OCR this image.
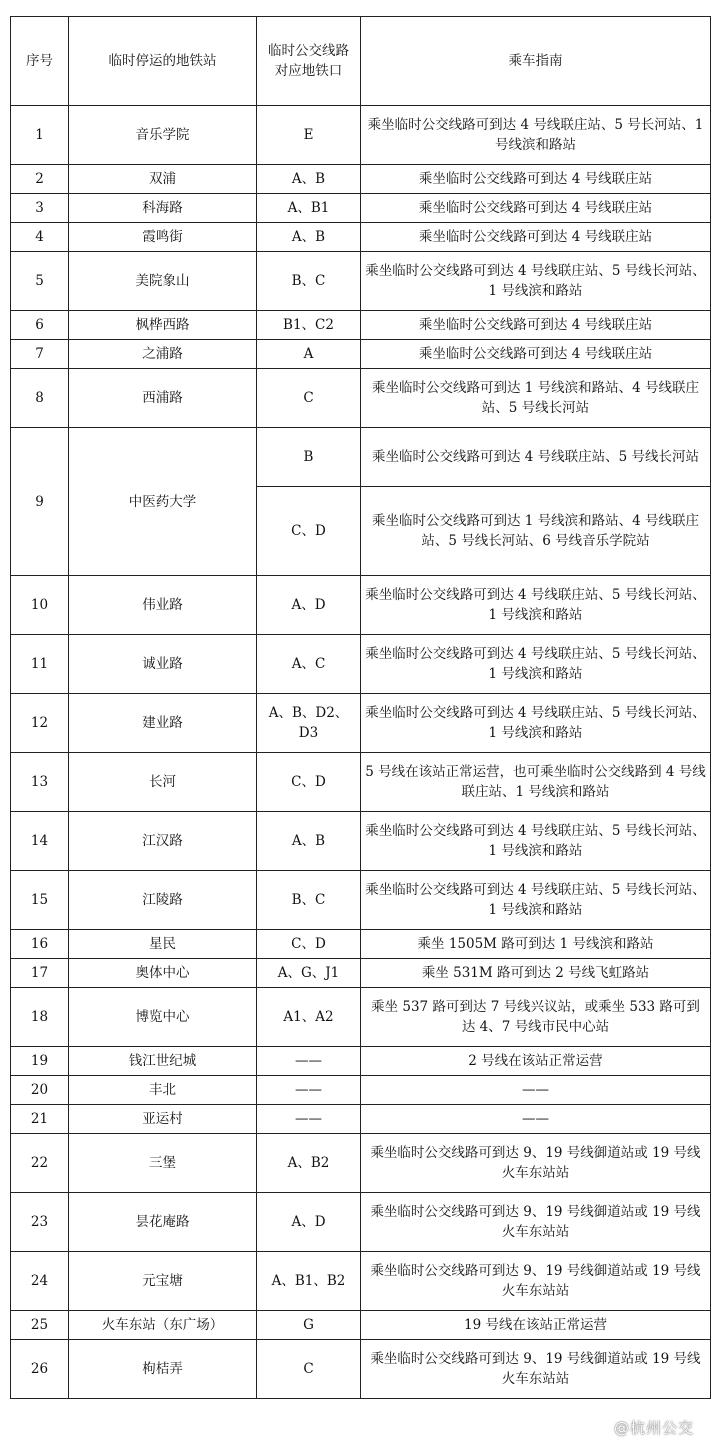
序号	临时停运的地铁站	临时公交线路对应地铁口	乘车指南
1	音乐学院	E	乘坐临时公交线路可到达 4 号线联庄站、5 号长河站、1 号线滨和路站
2	双浦	A、B	乘坐临时公交线路可到达 4 号线联庄站
3	科海路	A、B1	乘坐临时公交线路可到达 4 号线联庄站
4	霞鸣街	A、B	乘坐临时公交线路可到达 4 号线联庄站
5	美院象山	B、C	乘坐临时公交线路可到达 4 号线联庄站、5 号线长河站、1 号线滨和路站
6	枫桦西路	B1、C2	乘坐临时公交线路可到达 4 号线联庄站
7	之浦路	A	乘坐临时公交线路可到达 4 号线联庄站
8	西浦路	C	乘坐临时公交线路可到达 1 号线滨和路站、4 号线联庄站、5 号线长河站
9	中医药大学	B	乘坐临时公交线路可到达 4 号线联庄站、5 号线长河站
		C、D	乘坐临时公交线路可到达 1 号线滨和路站、4 号线联庄站、5 号线长河站、6 号线音乐学院站
10	伟业路	A、D	乘坐临时公交线路可到达 4 号线联庄站、5 号线长河站、1 号线滨和路站
11	诚业路	A、C	乘坐临时公交线路可到达 4 号线联庄站、5 号线长河站、1 号线滨和路站
12	建业路	A、B、D2、D3	乘坐临时公交线路可到达 4 号线联庄站、5 号线长河站、1 号线滨和路站
13	长河	C、D	5 号线在该站正常运营，也可乘坐临时公交线路到 4 号线联庄站、1 号线滨和路站
14	江汉路	A、B	乘坐临时公交线路可到达 4 号线联庄站、5 号线长河站、1 号线滨和路站
15	江陵路	B、C	乘坐临时公交线路可到达 4 号线联庄站、5 号线长河站、1 号线滨和路站
16	星民	C、D	乘坐 1505M 路可到达 1 号线滨和路站
17	奥体中心	A、G、J1	乘坐 531M 路可到达 2 号线飞虹路站
18	博览中心	A1、A2	乘坐 537 路可到达 7 号线兴议站，或乘坐 533 路可到达 4、7 号线市民中心站
19	钱江世纪城	——	2 号线在该站正常运营
20	丰北	——	——
21	亚运村	——	——
22	三堡	A、B2	乘坐临时公交线路可到达 9、19 号线御道站或 19 号线火车东站站
23	昙花庵路	A、D	乘坐临时公交线路可到达 9、19 号线御道站或 19 号线火车东站站
24	元宝塘	A、B1、B2	乘坐临时公交线路可到达 9、19 号线御道站或 19 号线火车东站站
25	火车东站（东广场）	G	19 号线在该站正常运营
26	枸桔弄	C	乘坐临时公交线路可到达 9、19 号线御道站或 19 号线火车东站站
@杭州公交
